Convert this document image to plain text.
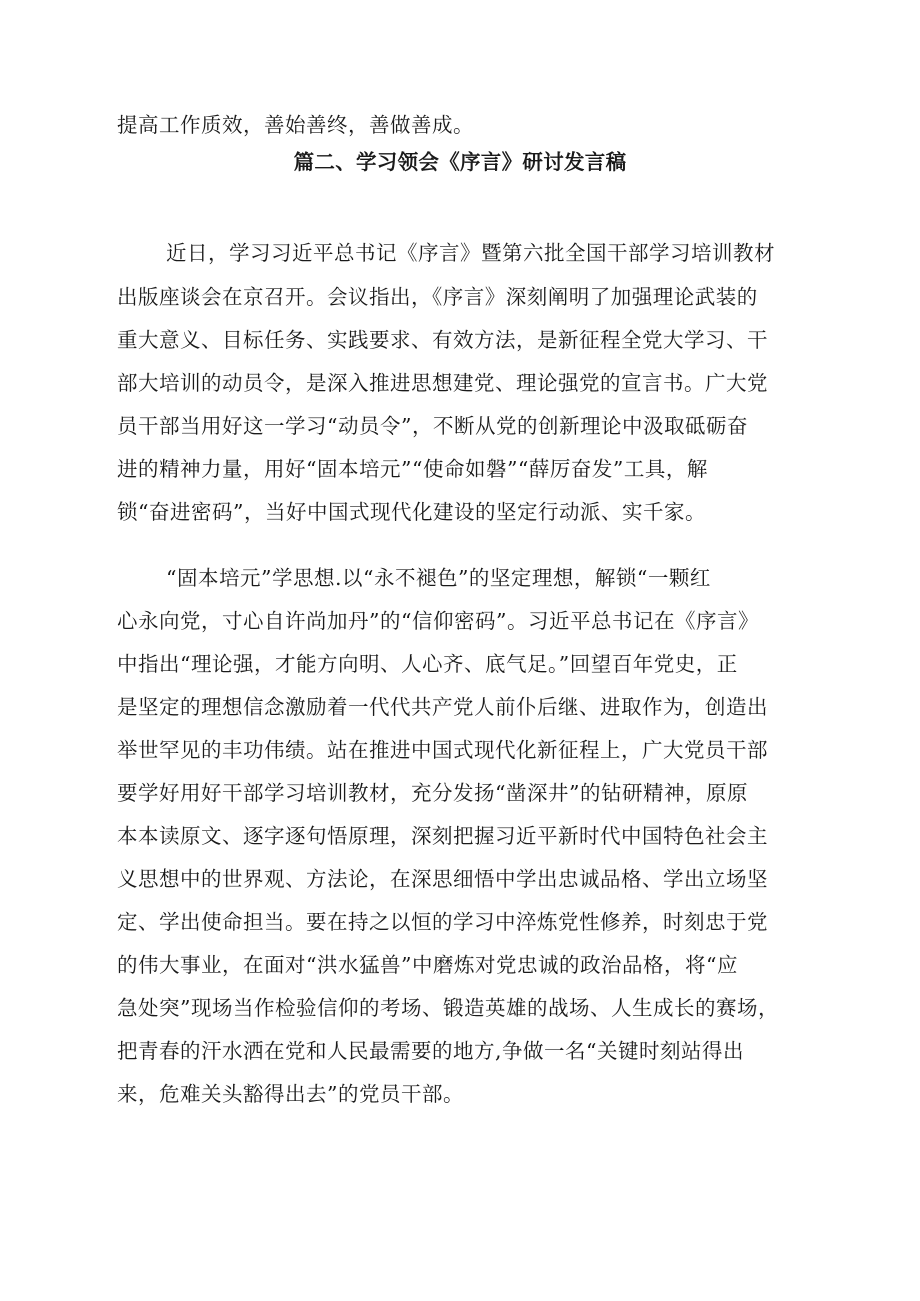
提高工作质效，善始善终，善做善成。
篇二、学习领会《序言》研讨发言稿
近日，学习习近平总书记《序言》暨第六批全国干部学习培训教材
出版座谈会在京召开。会议指出，《序言》深刻阐明了加强理论武装的
重大意义、目标任务、实践要求、有效方法，是新征程全党大学习、干
部大培训的动员令，是深入推进思想建党、理论强党的宣言书。广大党
员干部当用好这一学习“动员令”，不断从党的创新理论中汲取砥砺奋
进的精神力量，用好“固本培元”“使命如磐”“薛厉奋发”工具，解
锁“奋进密码”，当好中国式现代化建设的坚定行动派、实千家。
“固本培元”学思想.以“永不褪色”的坚定理想，解锁“一颗红
心永向党，寸心自许尚加丹”的“信仰密码”。习近平总书记在《序言》
中指出“理论强，才能方向明、人心齐、底气足。”回望百年党史，正
是坚定的理想信念激励着一代代共产党人前仆后继、进取作为，创造出
举世罕见的丰功伟绩。站在推进中国式现代化新征程上，广大党员干部
要学好用好干部学习培训教材，充分发扬“凿深井”的钻研精神，原原
本本读原文、逐字逐句悟原理，深刻把握习近平新时代中国特色社会主
义思想中的世界观、方法论，在深思细悟中学出忠诚品格、学出立场坚
定、学出使命担当。要在持之以恒的学习中淬炼党性修养，时刻忠于党
的伟大事业，在面对“洪水猛兽”中磨炼对党忠诚的政治品格，将“应
急处突”现场当作检验信仰的考场、锻造英雄的战场、人生成长的赛场，
把青春的汗水洒在党和人民最需要的地方,争做一名“关键时刻站得出
来，危难关头豁得出去”的党员干部。
